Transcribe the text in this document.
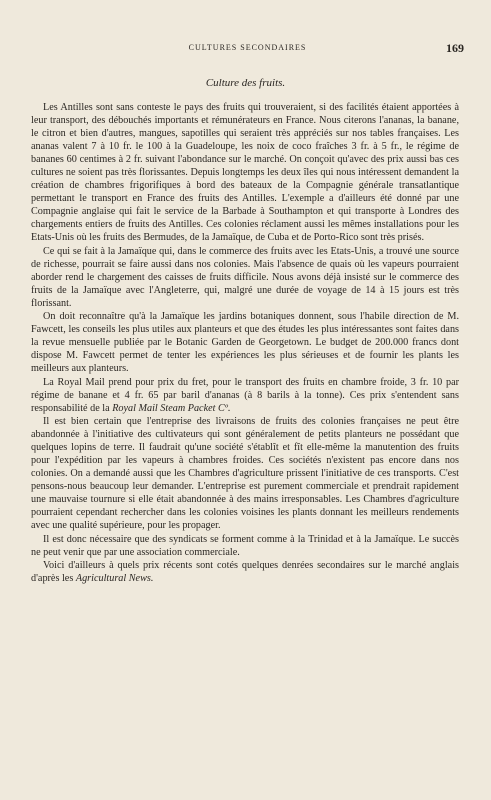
CULTURES SECONDAIRES	169
Culture des fruits.

Les Antilles sont sans conteste le pays des fruits qui trouveraient, si des facilités étaient apportées à leur transport, des débouchés importants et rémunérateurs en France. Nous citerons l'ananas, la banane, le citron et bien d'autres, mangues, sapotilles qui seraient très appréciés sur nos tables françaises. Les ananas valent 7 à 10 fr. le 100 à la Guadeloupe, les noix de coco fraîches 3 fr. à 5 fr., le régime de bananes 60 centimes à 2 fr. suivant l'abondance sur le marché. On conçoit qu'avec des prix aussi bas ces cultures ne soient pas très florissantes. Depuis longtemps les deux îles qui nous intéressent demandent la création de chambres frigorifiques à bord des bateaux de la Compagnie générale transatlantique permettant le transport en France des fruits des Antilles. L'exemple a d'ailleurs été donné par une Compagnie anglaise qui fait le service de la Barbade à Southampton et qui transporte à Londres des chargements entiers de fruits des Antilles. Ces colonies réclament aussi les mêmes installations pour les Etats-Unis où les fruits des Bermudes, de la Jamaïque, de Cuba et de Porto-Rico sont très prisés.

Ce qui se fait à la Jamaïque qui, dans le commerce des fruits avec les Etats-Unis, a trouvé une source de richesse, pourrait se faire aussi dans nos colonies. Mais l'absence de quais où les vapeurs pourraient aborder rend le chargement des caisses de fruits difficile. Nous avons déjà insisté sur le commerce des fruits de la Jamaïque avec l'Angleterre, qui, malgré une durée de voyage de 14 à 15 jours est très florissant.

On doit reconnaître qu'à la Jamaïque les jardins botaniques donnent, sous l'habile direction de M. Fawcett, les conseils les plus utiles aux planteurs et que des études les plus intéressantes sont faites dans la revue mensuelle publiée par le Botanic Garden de Georgetown. Le budget de 200.000 francs dont dispose M. Fawcett permet de tenter les expériences les plus sérieuses et de fournir les plants les meilleurs aux planteurs.

La Royal Mail prend pour prix du fret, pour le transport des fruits en chambre froide, 3 fr. 10 par régime de banane et 4 fr. 65 par baril d'ananas (à 8 barils à la tonne). Ces prix s'entendent sans responsabilité de la Royal Mail Steam Packet Cº.

Il est bien certain que l'entreprise des livraisons de fruits des colonies françaises ne peut être abandonnée à l'initiative des cultivateurs qui sont généralement de petits planteurs ne possédant que quelques lopins de terre. Il faudrait qu'une société s'établît et fît elle-même la manutention des fruits pour l'expédition par les vapeurs à chambres froides. Ces sociétés n'existent pas encore dans nos colonies. On a demandé aussi que les Chambres d'agriculture prissent l'initiative de ces transports. C'est pensons-nous beaucoup leur demander. L'entreprise est purement commerciale et prendrait rapidement une mauvaise tournure si elle était abandonnée à des mains irresponsables. Les Chambres d'agriculture pourraient cependant rechercher dans les colonies voisines les plants donnant les meilleurs rendements avec une qualité supérieure, pour les propager.

Il est donc nécessaire que des syndicats se forment comme à la Trinidad et à la Jamaïque. Le succès ne peut venir que par une association commerciale.

Voici d'ailleurs à quels prix récents sont cotés quelques denrées secondaires sur le marché anglais d'après les Agricultural News.
